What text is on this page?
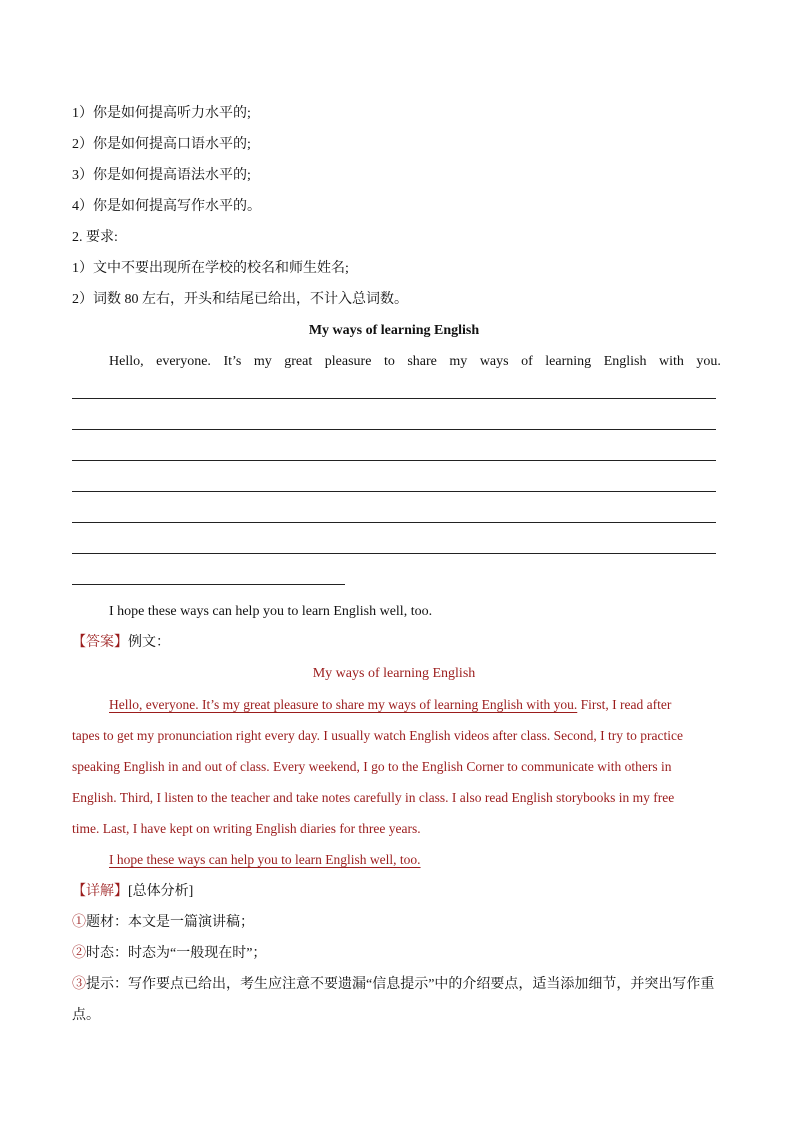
1）你是如何提高听力水平的;
2）你是如何提高口语水平的;
3）你是如何提高语法水平的;
4）你是如何提高写作水平的。
2. 要求:
1）文中不要出现所在学校的校名和师生姓名;
2）词数 80 左右，开头和结尾已给出，不计入总词数。
My ways of learning English
Hello, everyone. It’s my great pleasure to share my ways of learning English with you.
I hope these ways can help you to learn English well, too.
【答案】例文：
My ways of learning English
Hello, everyone. It’s my great pleasure to share my ways of learning English with you. First, I read after
tapes to get my pronunciation right every day. I usually watch English videos after class. Second, I try to practice
speaking English in and out of class. Every weekend, I go to the English Corner to communicate with others in
English. Third, I listen to the teacher and take notes carefully in class. I also read English storybooks in my free
time. Last, I have kept on writing English diaries for three years.
I hope these ways can help you to learn English well, too.
【详解】[总体分析]
①题材：本文是一篇演讲稿；
②时态：时态为“一般现在时”；
③提示：写作要点已给出，考生应注意不要遗漏“信息提示”中的介绍要点，适当添加细节，并突出写作重
点。
